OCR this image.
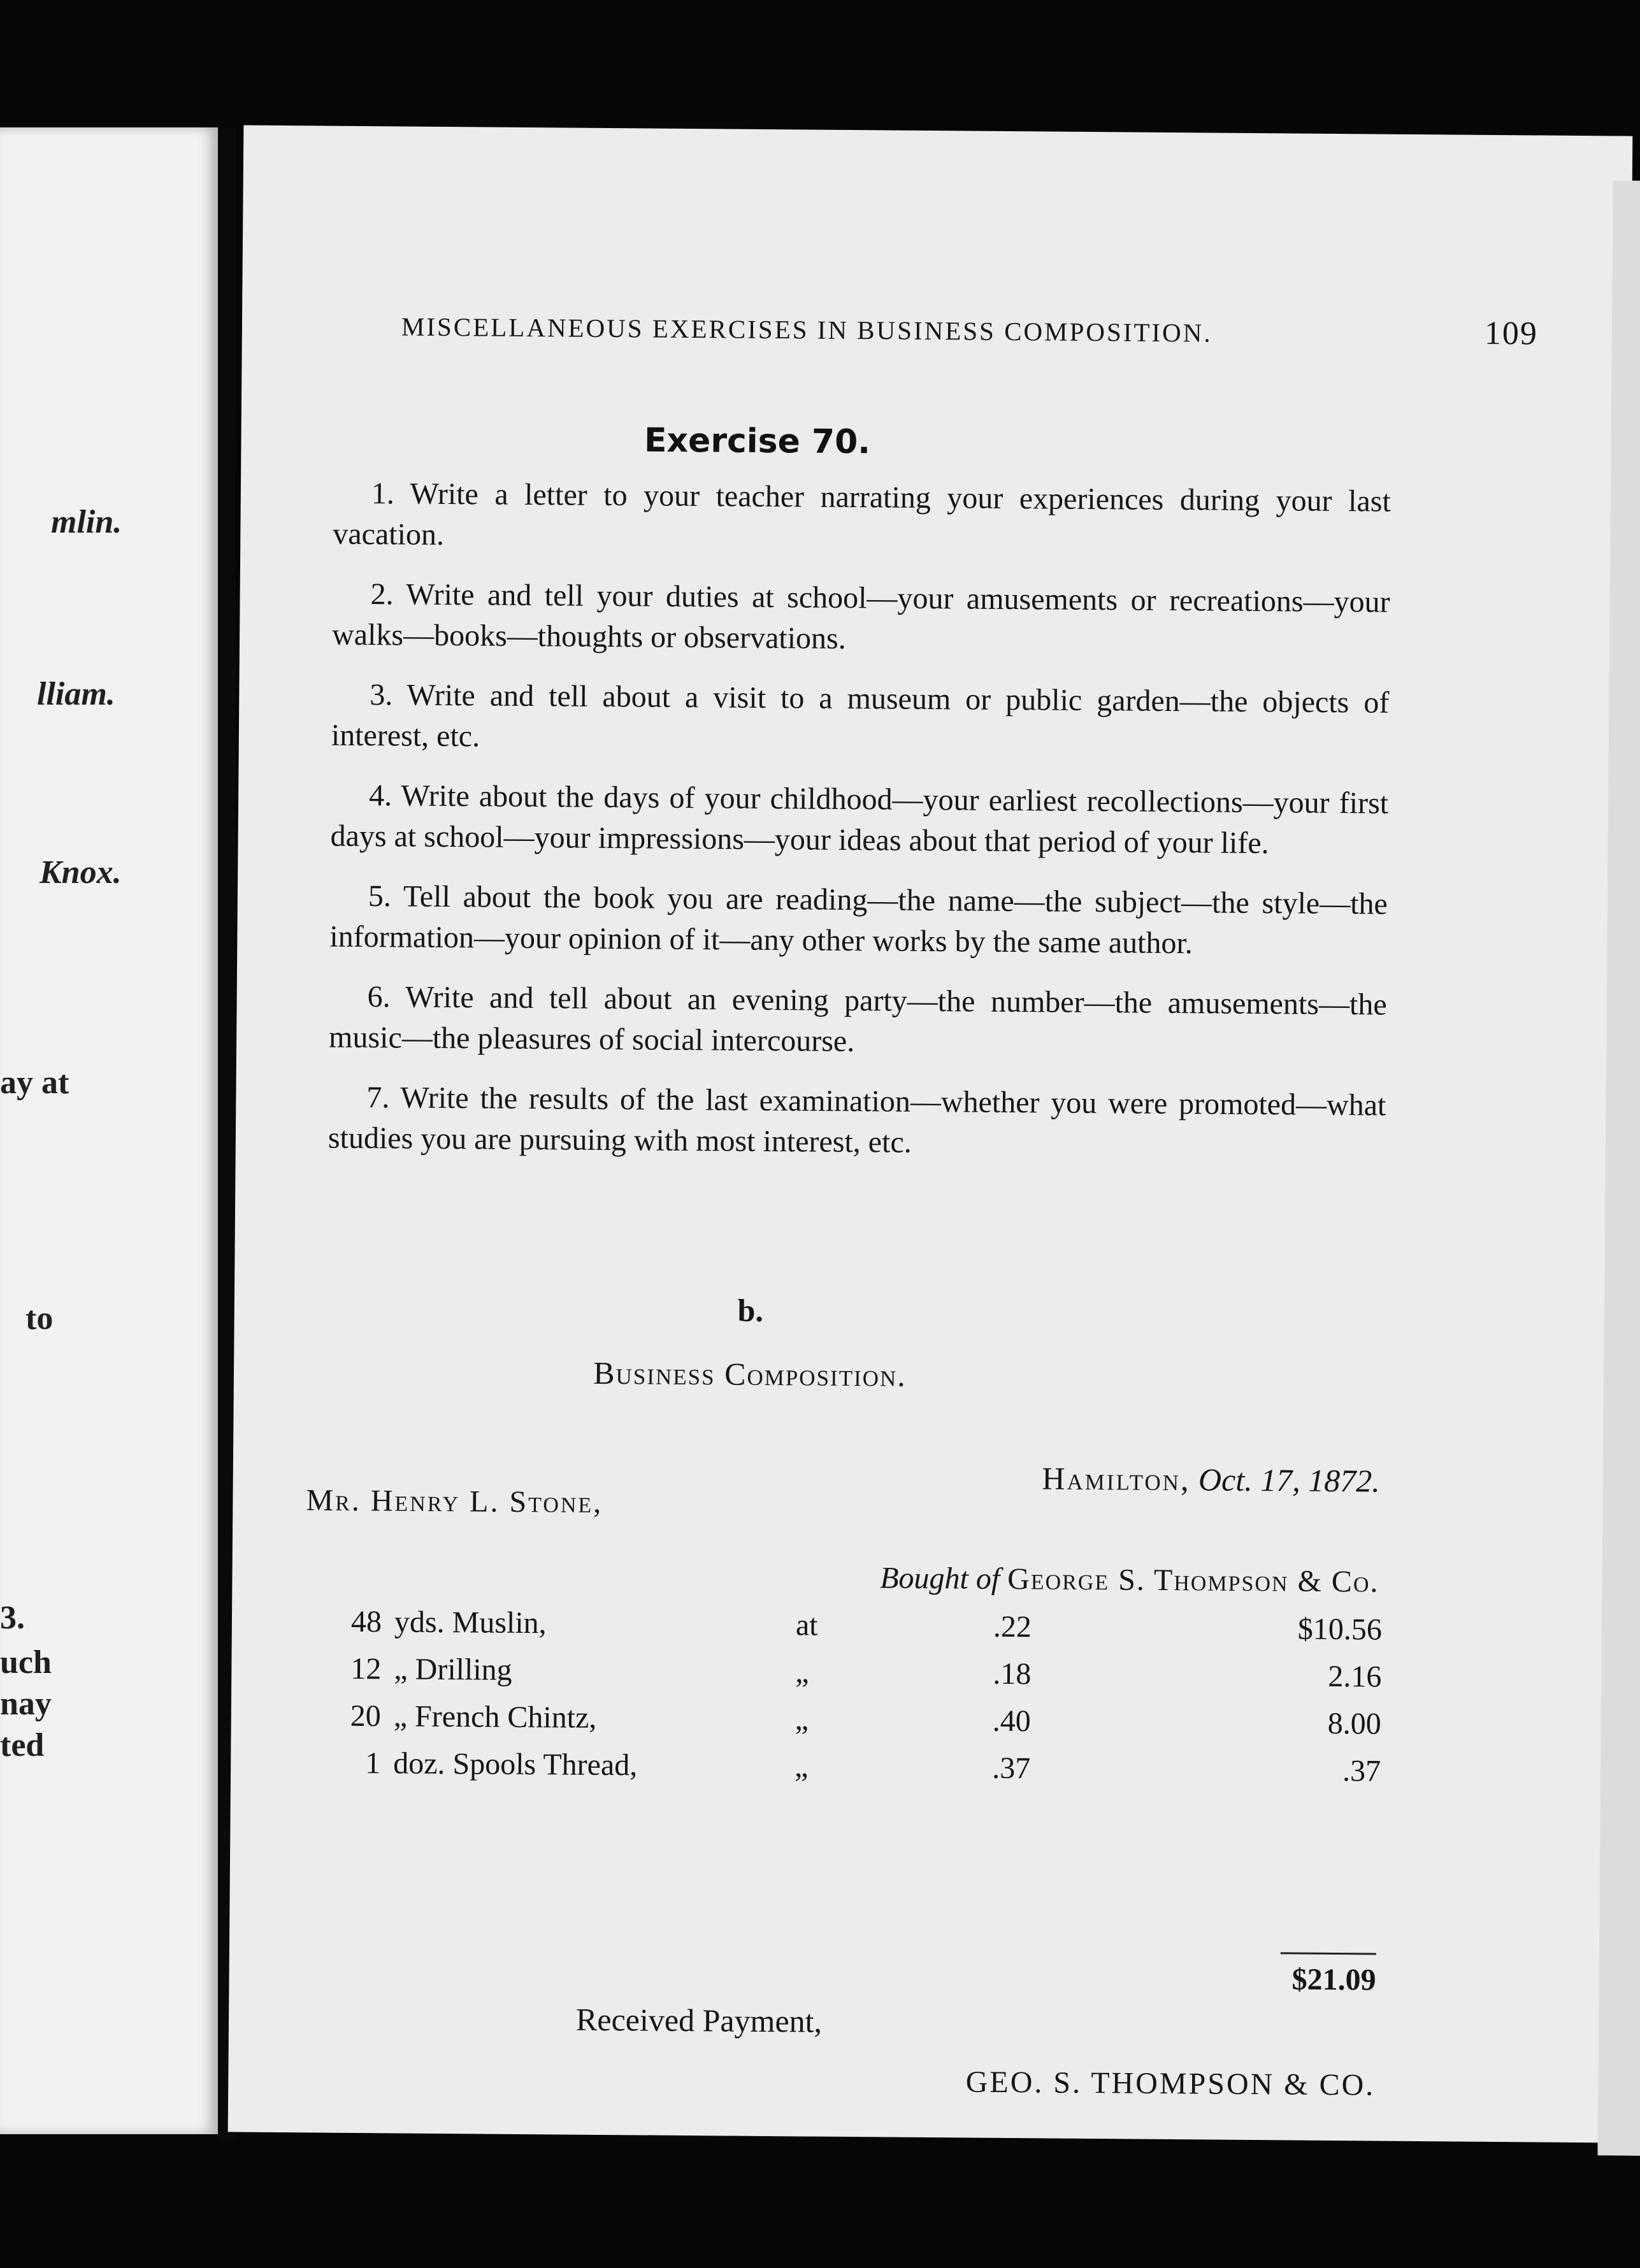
mlin.
lliam.
Knox.
ay at
to
3.
uch
nay
ted
MISCELLANEOUS EXERCISES IN BUSINESS COMPOSITION.	109
Exercise 70.

1. Write a letter to your teacher narrating your experiences during your last vacation.

2. Write and tell your duties at school—your amusements or recreations—your walks—books—thoughts or observations.

3. Write and tell about a visit to a museum or public garden—the objects of interest, etc.

4. Write about the days of your childhood—your earliest recollections—your first days at school—your impressions—your ideas about that period of your life.

5. Tell about the book you are reading—the name—the subject—the style—the information—your opinion of it—any other works by the same author.

6. Write and tell about an evening party—the number—the amusements—the music—the pleasures of social intercourse.

7. Write the results of the last examination—whether you were promoted—what studies you are pursuing with most interest, etc.

b.
Business Composition.
Hamilton, Oct. 17, 1872.
Mr. Henry L. Stone,
Bought of George S. Thompson & Co.
48 yds. Muslin,	at	.22	$10.56
12 „ Drilling	„	.18	2.16
20 „ French Chintz,	„	.40	8.00
1 doz. Spools Thread,	„	.37	.37
$21.09
Received Payment,
GEO. S. THOMPSON & CO.
